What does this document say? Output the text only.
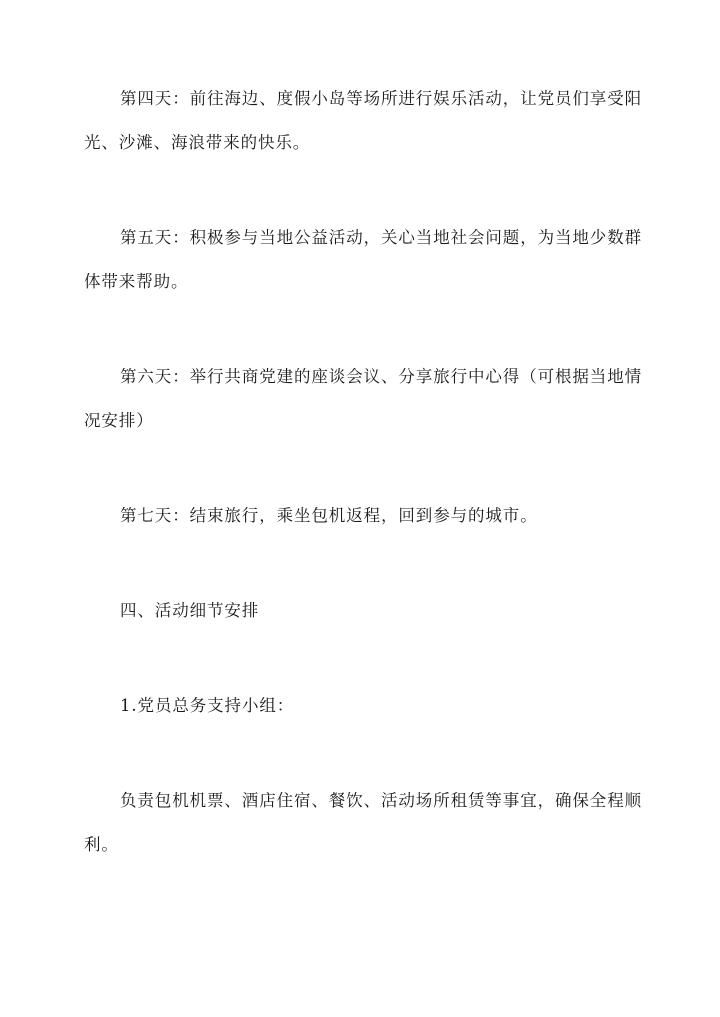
第四天：前往海边、度假小岛等场所进行娱乐活动，让党员们享受阳
光、沙滩、海浪带来的快乐。

第五天：积极参与当地公益活动，关心当地社会问题，为当地少数群
体带来帮助。

第六天：举行共商党建的座谈会议、分享旅行中心得（可根据当地情
况安排）

第七天：结束旅行，乘坐包机返程，回到参与的城市。

四、活动细节安排

1.党员总务支持小组：

负责包机机票、酒店住宿、餐饮、活动场所租赁等事宜，确保全程顺
利。
